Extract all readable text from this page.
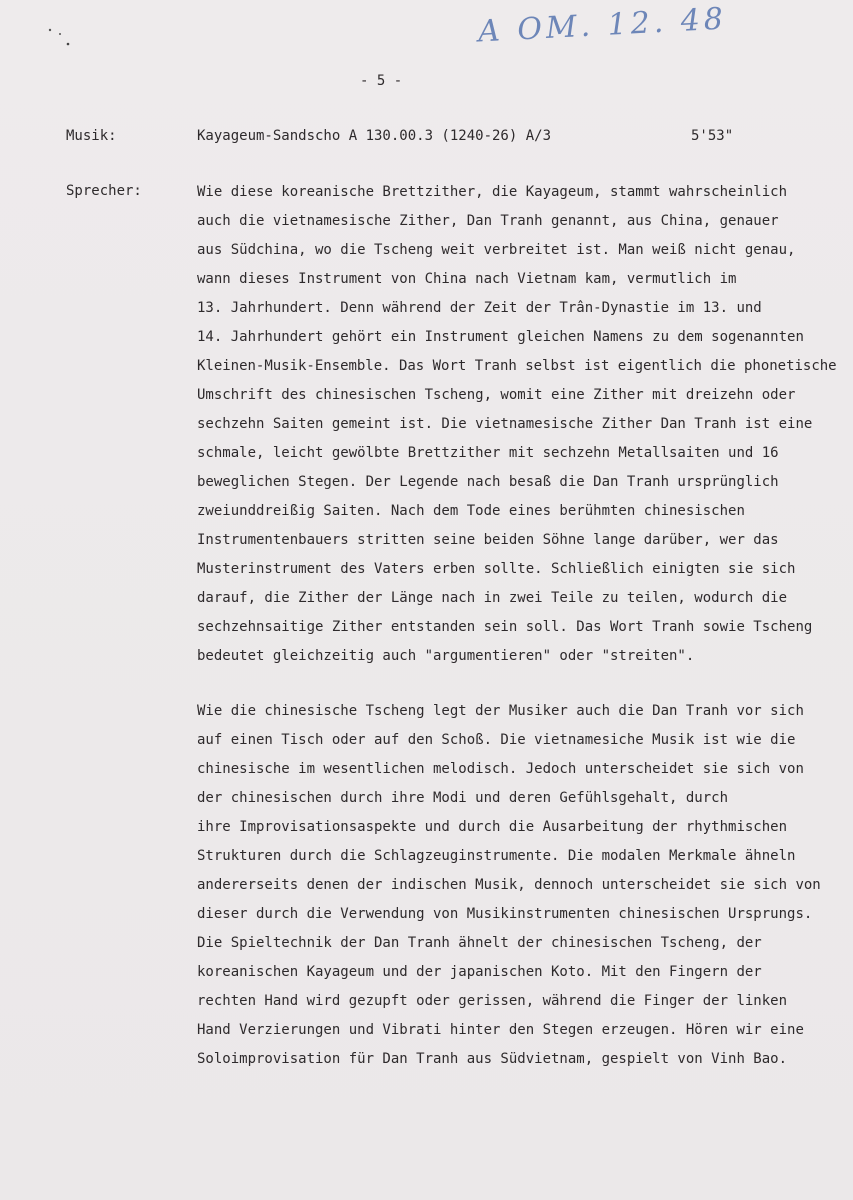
A OM. 12. 48
- 5 -
Musik:	Kayageum-Sandscho A 130.00.3 (1240-26) A/3	5'53"
Sprecher:	Wie diese koreanische Brettzither, die Kayageum, stammt wahrscheinlich
auch die vietnamesische Zither, Dan Tranh genannt, aus China, genauer
aus Südchina, wo die Tscheng weit verbreitet ist. Man weiß nicht genau,
wann dieses Instrument von China nach Vietnam kam, vermutlich im
13. Jahrhundert. Denn während der Zeit der Trân-Dynastie im 13. und
14. Jahrhundert gehört ein Instrument gleichen Namens zu dem sogenannten
Kleinen-Musik-Ensemble. Das Wort Tranh selbst ist eigentlich die phonetische
Umschrift des chinesischen Tscheng, womit eine Zither mit dreizehn oder
sechzehn Saiten gemeint ist. Die vietnamesische Zither Dan Tranh ist eine
schmale, leicht gewölbte Brettzither mit sechzehn Metallsaiten und 16
beweglichen Stegen. Der Legende nach besaß die Dan Tranh ursprünglich
zweiunddreißig Saiten. Nach dem Tode eines berühmten chinesischen
Instrumentenbauers stritten seine beiden Söhne lange darüber, wer das
Musterinstrument des Vaters erben sollte. Schließlich einigten sie sich
darauf, die Zither der Länge nach in zwei Teile zu teilen, wodurch die
sechzehnsaitige Zither entstanden sein soll. Das Wort Tranh sowie Tscheng
bedeutet gleichzeitig auch "argumentieren" oder "streiten".
Wie die chinesische Tscheng legt der Musiker auch die Dan Tranh vor sich
auf einen Tisch oder auf den Schoß. Die vietnamesiche Musik ist wie die
chinesische im wesentlichen melodisch. Jedoch unterscheidet sie sich von
der chinesischen durch ihre Modi und deren Gefühlsgehalt, durch
ihre Improvisationsaspekte und durch die Ausarbeitung der rhythmischen
Strukturen durch die Schlagzeuginstrumente. Die modalen Merkmale ähneln
andererseits denen der indischen Musik, dennoch unterscheidet sie sich von
dieser durch die Verwendung von Musikinstrumenten chinesischen Ursprungs.
Die Spieltechnik der Dan Tranh ähnelt der chinesischen Tscheng, der
koreanischen Kayageum und der japanischen Koto. Mit den Fingern der
rechten Hand wird gezupft oder gerissen, während die Finger der linken
Hand Verzierungen und Vibrati hinter den Stegen erzeugen. Hören wir eine
Soloimprovisation für Dan Tranh aus Südvietnam, gespielt von Vinh Bao.
